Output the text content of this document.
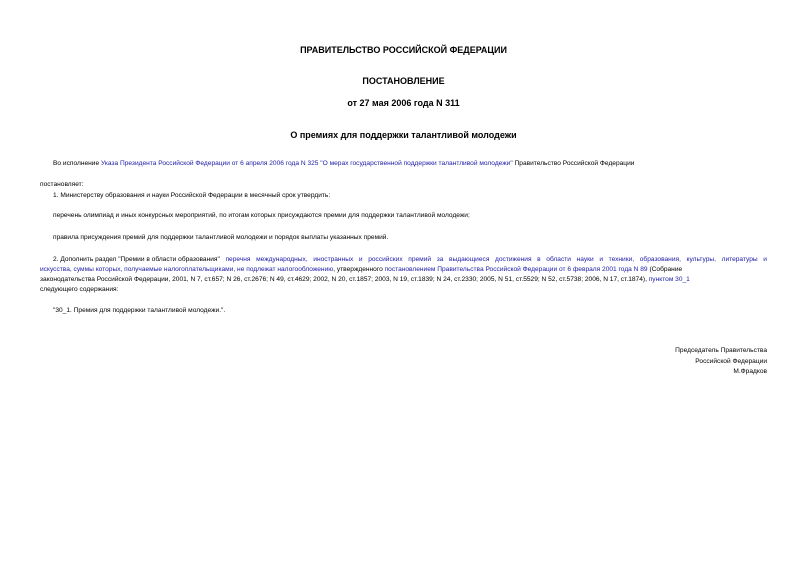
ПРАВИТЕЛЬСТВО РОССИЙСКОЙ ФЕДЕРАЦИИ
ПОСТАНОВЛЕНИЕ
от 27 мая 2006 года N 311
О премиях для поддержки талантливой молодежи
Во исполнение Указа Президента Российской Федерации от 6 апреля 2006 года N 325 "О мерах государственной поддержки талантливой молодежи" Правительство Российской Федерации
постановляет:
1. Министерству образования и науки Российской Федерации в месячный срок утвердить:
перечень олимпиад и иных конкурсных мероприятий, по итогам которых присуждаются премии для поддержки талантливой молодежи;
правила присуждения премий для поддержки талантливой молодежи и порядок выплаты указанных премий.
2. Дополнить раздел "Премии в области образования" перечня международных, иностранных и российских премий за выдающиеся достижения в области науки и техники, образования, культуры, литературы и
искусства, суммы которых, получаемые налогоплательщиками, не подлежат налогообложению, утвержденного постановлением Правительства Российской Федерации от 6 февраля 2001 года N 89 (Собрание
законодательства Российской Федерации, 2001, N 7, ст.657; N 26, ст.2676; N 49, ст.4629; 2002, N 20, ст.1857; 2003, N 19, ст.1839; N 24, ст.2330; 2005, N 51, ст.5529; N 52, ст.5738; 2006, N 17, ст.1874), пунктом 30_1
следующего содержания:
"30_1. Премия для поддержки талантливой молодежи.".
Председатель Правительства
Российской Федерации
М.Фрадков
